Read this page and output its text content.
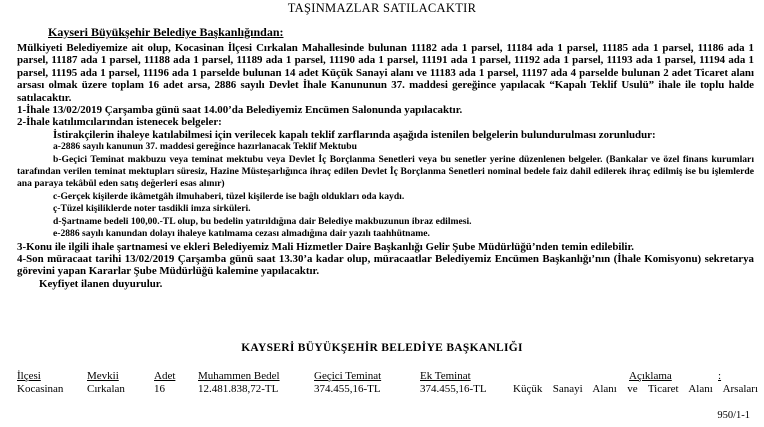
TAŞINMAZLAR SATILACAKTIR
Kayseri Büyükşehir Belediye Başkanlığından:

Mülkiyeti Belediyemize ait olup, Kocasinan İlçesi Cırkalan Mahallesinde bulunan 11182 ada 1 parsel, 11184 ada 1 parsel, 11185 ada 1 parsel, 11186 ada 1 parsel, 11187 ada 1 parsel, 11188 ada 1 parsel, 11189 ada 1 parsel, 11190 ada 1 parsel, 11191 ada 1 parsel, 11192 ada 1 parsel, 11193 ada 1 parsel, 11194 ada 1 parsel, 11195 ada 1 parsel, 11196 ada 1 parselde bulunan 14 adet Küçük Sanayi alanı ve 11183 ada 1 parsel, 11197 ada 4 parselde bulunan 2 adet Ticaret alanı arsası olmak üzere toplam 16 adet arsa, 2886 sayılı Devlet İhale Kanununun 37. maddesi gereğince yapılacak “Kapalı Teklif Usulü” ihale ile toplu halde satılacaktır.

1-İhale 13/02/2019 Çarşamba günü saat 14.00’da Belediyemiz Encümen Salonunda yapılacaktır.

2-İhale katılımcılarından istenecek belgeler:

İstirakçilerin ihaleye katılabilmesi için verilecek kapalı teklif zarflarında aşağıda istenilen belgelerin bulundurulması zorunludur:

a-2886 sayılı kanunun 37. maddesi gereğince hazırlanacak Teklif Mektubu

b-Geçici Teminat makbuzu veya teminat mektubu veya Devlet İç Borçlanma Senetleri veya bu senetler yerine düzenlenen belgeler. (Bankalar ve özel finans kurumları tarafından verilen teminat mektupları süresiz, Hazine Müsteşarlığınca ihraç edilen Devlet İç Borçlanma Senetleri nominal bedele faiz dahil edilerek ihraç edilmiş ise bu işlemlerde ana paraya tekâbül eden satış değerleri esas alınır)

c-Gerçek kişilerde ikâmetgâh ilmuhaberi, tüzel kişilerde ise bağlı oldukları oda kaydı.

ç-Tüzel kişiliklerde noter tasdikli imza sirküleri.

d-Şartname bedeli 100,00.-TL olup, bu bedelin yatırıldığına dair Belediye makbuzunun ibraz edilmesi.

e-2886 sayılı kanundan dolayı ihaleye katılmama cezası almadığına dair yazılı taahhütname.

3-Konu ile ilgili ihale şartnamesi ve ekleri Belediyemiz Mali Hizmetler Daire Başkanlığı Gelir Şube Müdürlüğü’nden temin edilebilir.

4-Son müracaat tarihi 13/02/2019 Çarşamba günü saat 13.30’a kadar olup, müracaatlar Belediyemiz Encümen Başkanlığı’nın (İhale Komisyonu) sekretarya görevini yapan Kararlar Şube Müdürlüğü kalemine yapılacaktır.

Keyfiyet ilanen duyurulur.

KAYSERİ BÜYÜKŞEHİR BELEDİYE BAŞKANLIĞI
İlçesi	Mevkii	Adet Muhammen Bedel	Geçici Teminat	Ek Teminat	Açıklama	:
Kocasinan Cırkalan	16	12.481.838,72-TL	374.455,16-TL	374.455,16-TL Küçük Sanayi Alanı ve Ticaret Alanı Arsaları
950/1-1
